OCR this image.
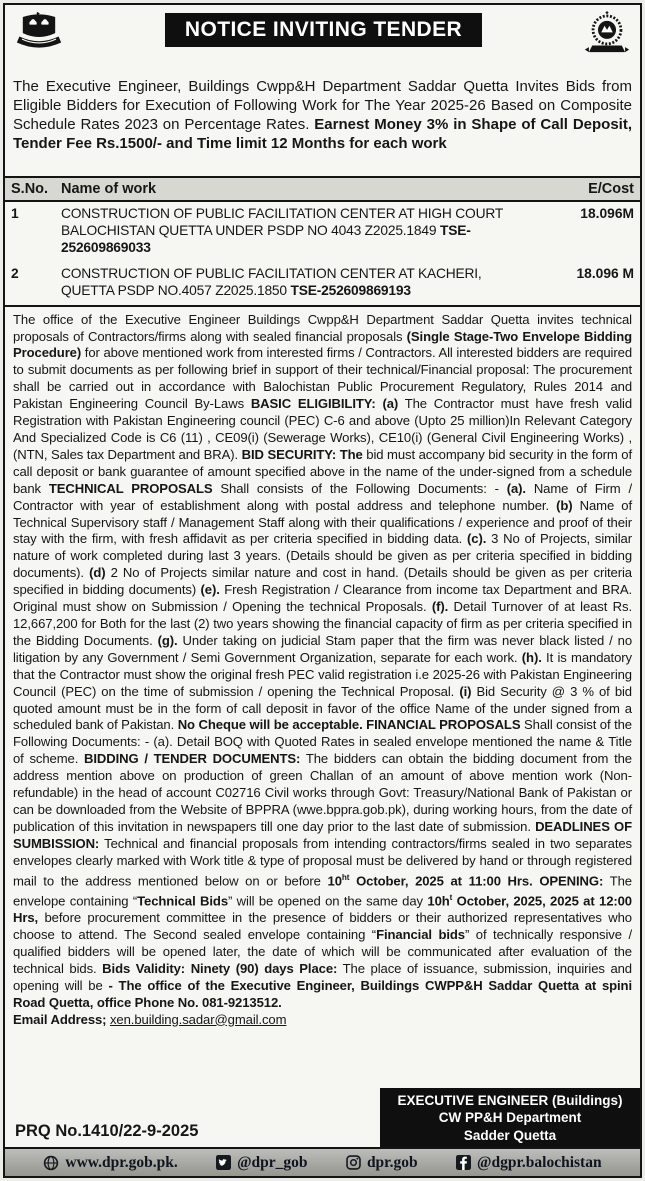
NOTICE INVITING TENDER

The Executive Engineer, Buildings Cwpp&H Department Saddar Quetta Invites Bids from Eligible Bidders for Execution of Following Work for The Year 2025-26 Based on Composite Schedule Rates 2023 on Percentage Rates. Earnest Money 3% in Shape of Call Deposit, Tender Fee Rs.1500/- and Time limit 12 Months for each work

S.No.	Name of work	E/Cost
1	CONSTRUCTION OF PUBLIC FACILITATION CENTER AT HIGH COURT BALOCHISTAN QUETTA UNDER PSDP NO 4043 Z2025.1849 TSE-252609869033	18.096M
2	CONSTRUCTION OF PUBLIC FACILITATION CENTER AT KACHERI, QUETTA PSDP NO.4057 Z2025.1850 TSE-252609869193	18.096 M
The office of the Executive Engineer Buildings Cwpp&H Department Saddar Quetta invites technical proposals of Contractors/firms along with sealed financial proposals (Single Stage-Two Envelope Bidding Procedure) for above mentioned work from interested firms / Contractors. All interested bidders are required to submit documents as per following brief in support of their technical/Financial proposal: The procurement shall be carried out in accordance with Balochistan Public Procurement Regulatory, Rules 2014 and Pakistan Engineering Council By-Laws BASIC ELIGIBILITY: (a) The Contractor must have fresh valid Registration with Pakistan Engineering council (PEC) C-6 and above (Upto 25 million)In Relevant Category And Specialized Code is C6 (11) , CE09(i) (Sewerage Works), CE10(i) (General Civil Engineering Works) , (NTN, Sales tax Department and BRA). BID SECURITY: The bid must accompany bid security in the form of call deposit or bank guarantee of amount specified above in the name of the under-signed from a schedule bank TECHNICAL PROPOSALS Shall consists of the Following Documents: - (a). Name of Firm / Contractor with year of establishment along with postal address and telephone number. (b) Name of Technical Supervisory staff / Management Staff along with their qualifications / experience and proof of their stay with the firm, with fresh affidavit as per criteria specified in bidding data. (c). 3 No of Projects, similar nature of work completed during last 3 years. (Details should be given as per criteria specified in bidding documents). (d) 2 No of Projects similar nature and cost in hand. (Details should be given as per criteria specified in bidding documents) (e). Fresh Registration / Clearance from income tax Department and BRA. Original must show on Submission / Opening the technical Proposals. (f). Detail Turnover of at least Rs. 12,667,200 for Both for the last (2) two years showing the financial capacity of firm as per criteria specified in the Bidding Documents. (g). Under taking on judicial Stam paper that the firm was never black listed / no litigation by any Government / Semi Government Organization, separate for each work. (h). It is mandatory that the Contractor must show the original fresh PEC valid registration i.e 2025-26 with Pakistan Engineering Council (PEC) on the time of submission / opening the Technical Proposal. (i) Bid Security @ 3 % of bid quoted amount must be in the form of call deposit in favor of the office Name of the under signed from a scheduled bank of Pakistan. No Cheque will be acceptable. FINANCIAL PROPOSALS Shall consist of the Following Documents: - (a). Detail BOQ with Quoted Rates in sealed envelope mentioned the name & Title of scheme. BIDDING / TENDER DOCUMENTS: The bidders can obtain the bidding document from the address mention above on production of green Challan of an amount of above mention work (Non-refundable) in the head of account C02716 Civil works through Govt: Treasury/National Bank of Pakistan or can be downloaded from the Website of BPPRA (wwe.bppra.gob.pk), during working hours, from the date of publication of this invitation in newspapers till one day prior to the last date of submission. DEADLINES OF SUMBISSION: Technical and financial proposals from intending contractors/firms sealed in two separates envelopes clearly marked with Work title & type of proposal must be delivered by hand or through registered mail to the address mentioned below on or before $10^{ht}$ October, 2025 at 11:00 Hrs. OPENING: The envelope containing “Technical Bids” will be opened on the same day $10h^t$ October, 2025, 2025 at 12:00 Hrs, before procurement committee in the presence of bidders or their authorized representatives who choose to attend. The Second sealed envelope containing “Financial bids” of technically responsive / qualified bidders will be opened later, the date of which will be communicated after evaluation of the technical bids. Bids Validity: Ninety (90) days Place: The place of issuance, submission, inquiries and opening will be - The office of the Executive Engineer, Buildings CWPP&H Saddar Quetta at spini Road Quetta, office Phone No. 081-9213512.
Email Address; xen.building.sadar@gmail.com
PRQ No.1410/22-9-2025
EXECUTIVE ENGINEER (Buildings)
CW PP&H Department
Sadder Quetta
www.dpr.gob.pk.	@dpr_gob	dpr.gob	@dgpr.balochistan
